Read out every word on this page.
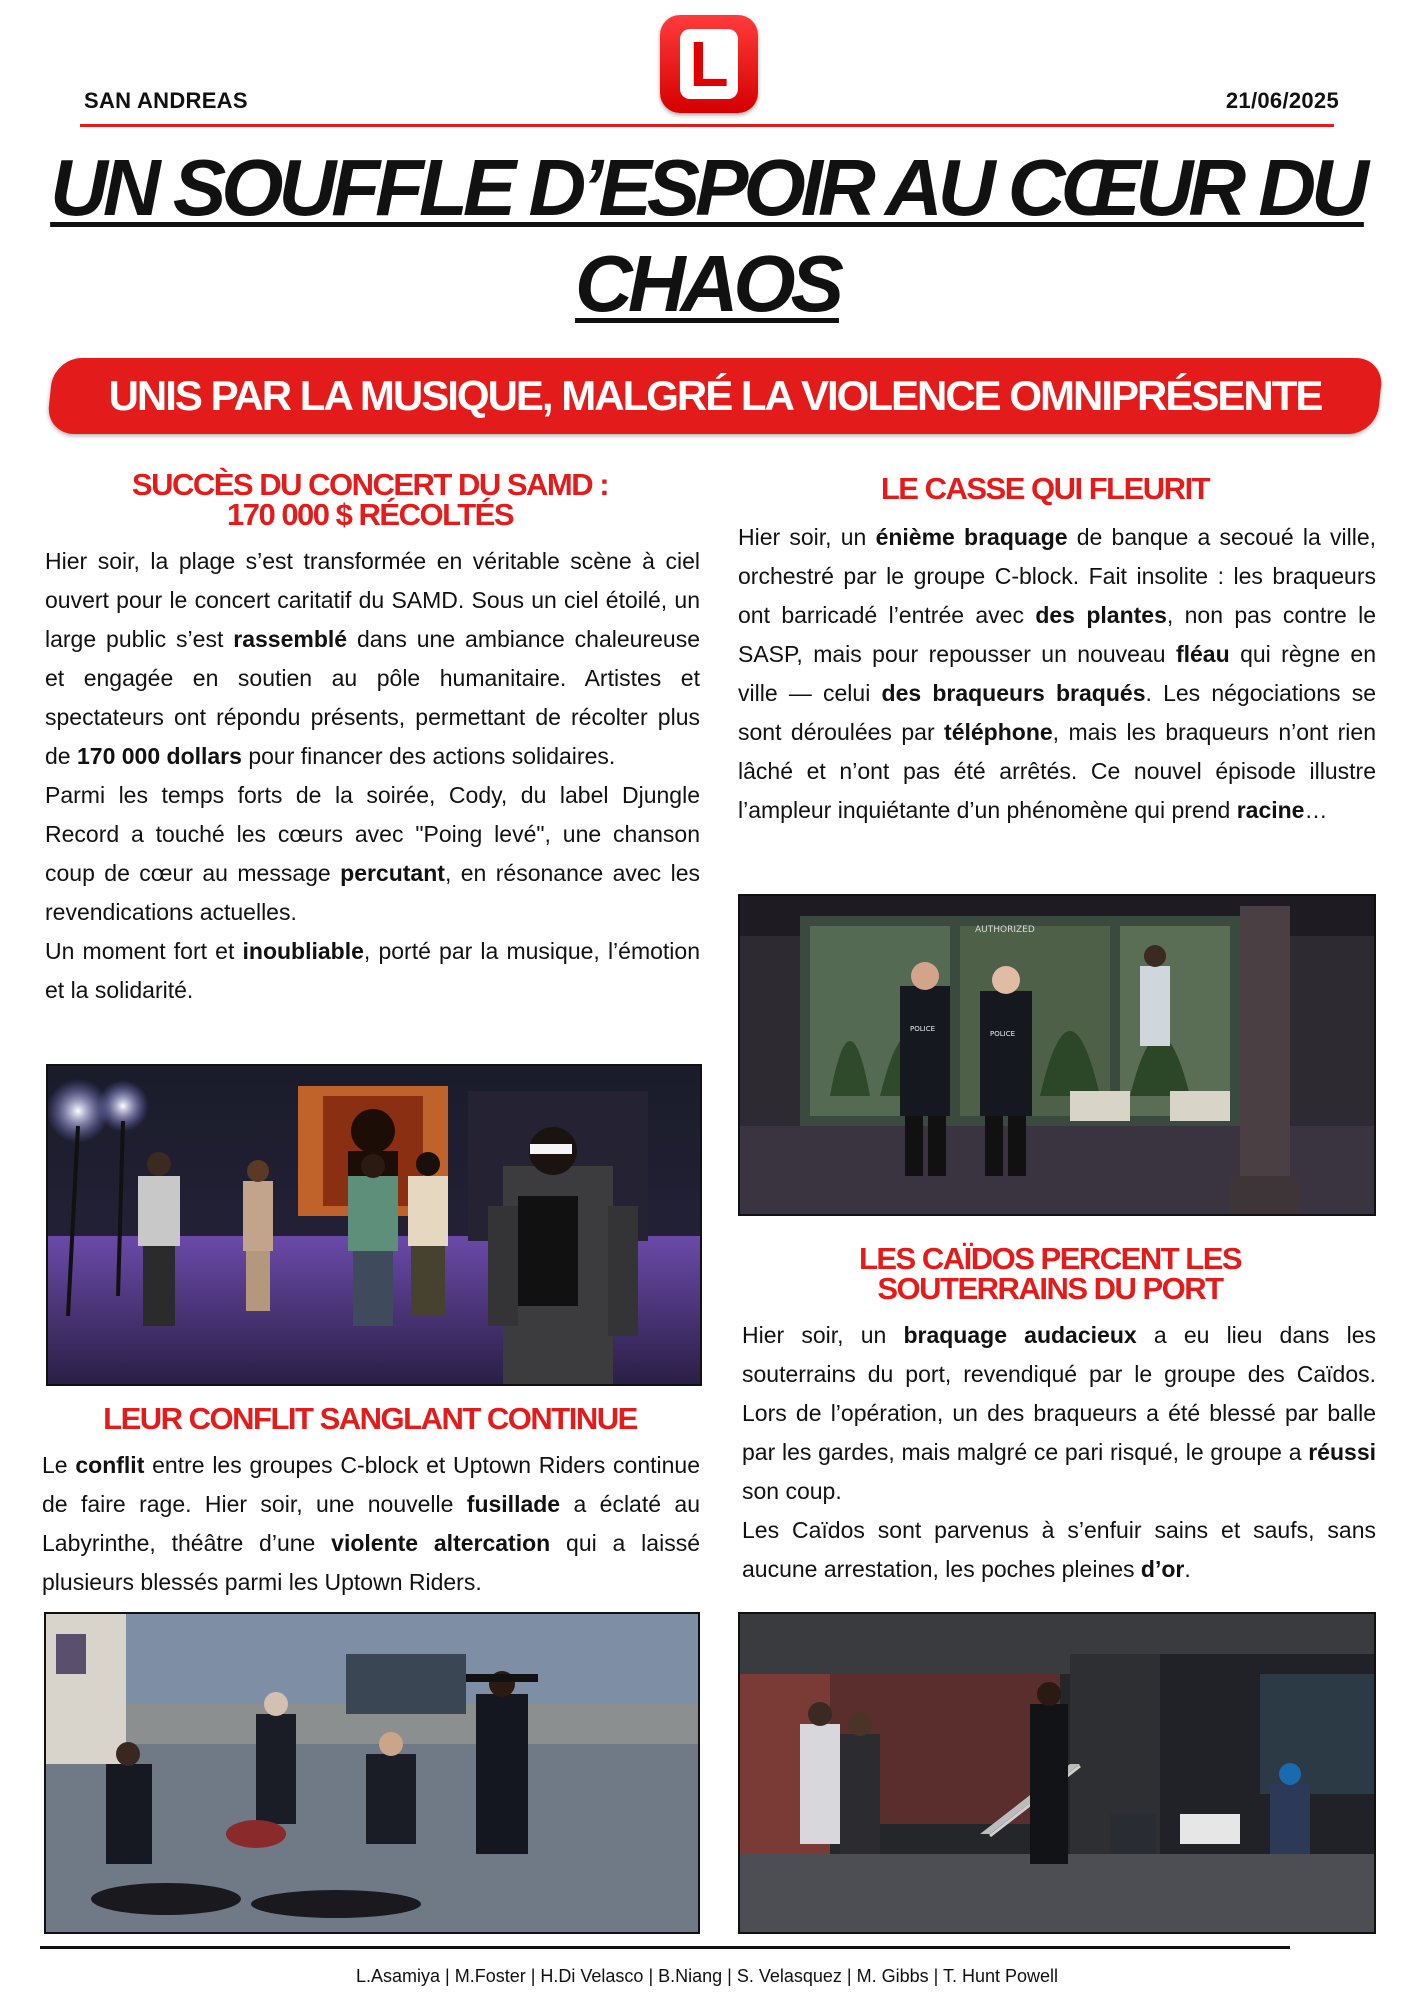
L
SAN ANDREAS	21/06/2025
UN SOUFFLE D’ESPOIR AU CŒUR DU
CHAOS
UNIS PAR LA MUSIQUE, MALGRÉ LA VIOLENCE OMNIPRÉSENTE
SUCCÈS DU CONCERT DU SAMD :
170 000 $ RÉCOLTÉS

Hier soir, la plage s’est transformée en véritable scène à ciel ouvert pour le concert caritatif du SAMD. Sous un ciel étoilé, un large public s’est rassemblé dans une ambiance chaleureuse et engagée en soutien au pôle humanitaire. Artistes et spectateurs ont répondu présents, permettant de récolter plus de 170 000 dollars pour financer des actions solidaires.

Parmi les temps forts de la soirée, Cody, du label Djungle Record a touché les cœurs avec "Poing levé", une chanson coup de cœur au message percutant, en résonance avec les revendications actuelles.

Un moment fort et inoubliable, porté par la musique, l’émotion et la solidarité.

LE CASSE QUI FLEURIT

Hier soir, un énième braquage de banque a secoué la ville, orchestré par le groupe C-block. Fait insolite : les braqueurs ont barricadé l’entrée avec des plantes, non pas contre le SASP, mais pour repousser un nouveau fléau qui règne en ville — celui des braqueurs braqués. Les négociations se sont déroulées par téléphone, mais les braqueurs n’ont rien lâché et n’ont pas été arrêtés. Ce nouvel épisode illustre l’ampleur inquiétante d’un phénomène qui prend racine…

AUTHORIZED
POLICE
POLICE
LEUR CONFLIT SANGLANT CONTINUE

Le conflit entre les groupes C-block et Uptown Riders continue de faire rage. Hier soir, une nouvelle fusillade a éclaté au Labyrinthe, théâtre d’une violente altercation qui a laissé plusieurs blessés parmi les Uptown Riders.

LES CAÏDOS PERCENT LES
SOUTERRAINS DU PORT

Hier soir, un braquage audacieux a eu lieu dans les souterrains du port, revendiqué par le groupe des Caïdos. Lors de l’opération, un des braqueurs a été blessé par balle par les gardes, mais malgré ce pari risqué, le groupe a réussi son coup.

Les Caïdos sont parvenus à s’enfuir sains et saufs, sans aucune arrestation, les poches pleines d’or.

L.Asamiya | M.Foster | H.Di Velasco | B.Niang | S. Velasquez | M. Gibbs | T. Hunt Powell
